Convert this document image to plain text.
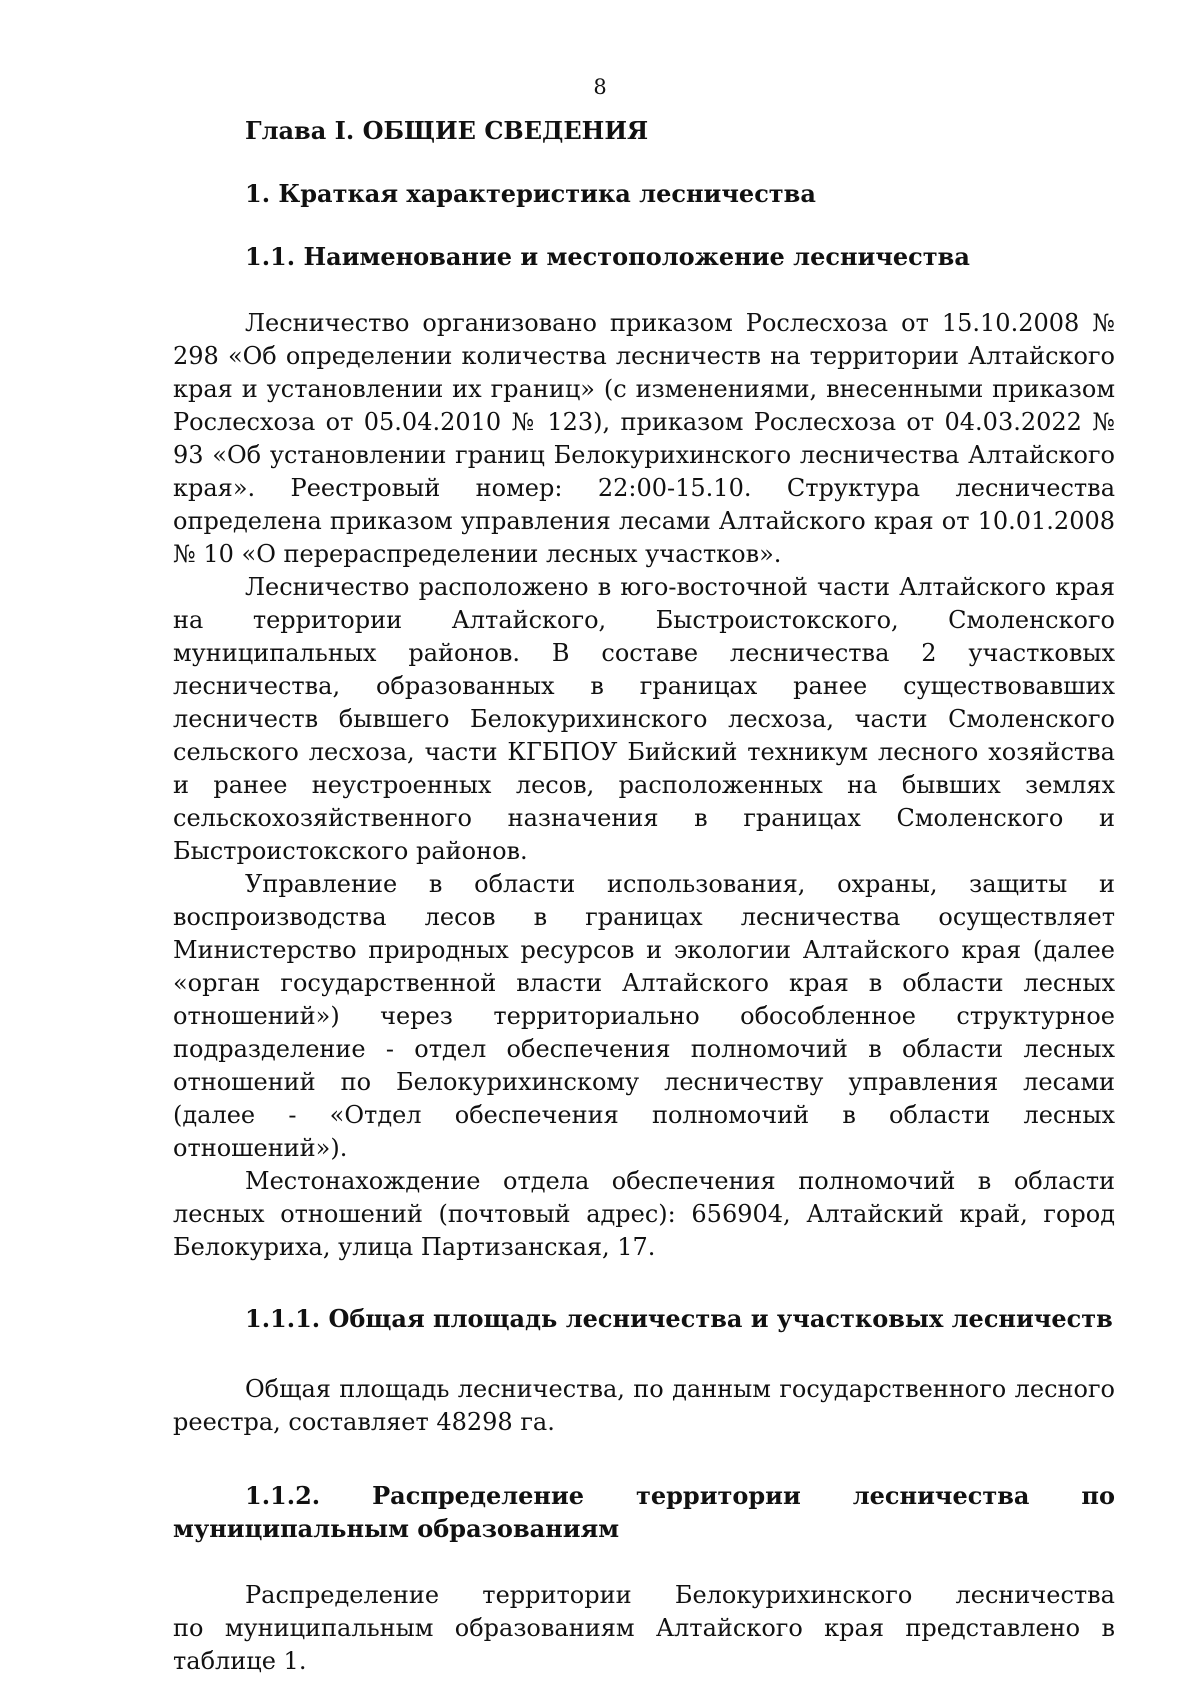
8
Глава I. ОБЩИЕ СВЕДЕНИЯ
1. Краткая характеристика лесничества
1.1. Наименование и местоположение лесничества

Лесничество организовано приказом Рослесхоза от 15.10.2008 № 298 «Об определении количества лесничеств на территории Алтайского края и установлении их границ» (с изменениями, внесенными приказом Рослесхоза от 05.04.2010 № 123), приказом Рослесхоза от 04.03.2022 № 93 «Об установлении границ Белокурихинского лесничества Алтайского края». Реестровый номер: 22:00-15.10. Структура лесничества определена приказом управления лесами Алтайского края от 10.01.2008 № 10 «О перераспределении лесных участков».

Лесничество расположено в юго-восточной части Алтайского края на территории Алтайского, Быстроистокского, Смоленского муниципальных районов. В составе лесничества 2 участковых лесничества, образованных в границах ранее существовавших лесничеств бывшего Белокурихинского лесхоза, части Смоленского сельского лесхоза, части КГБПОУ Бийский техникум лесного хозяйства и ранее неустроенных лесов, расположенных на бывших землях сельскохозяйственного назначения в границах Смоленского и Быстроистокского районов.

Управление в области использования, охраны, защиты и воспроизводства лесов в границах лесничества осуществляет Министерство природных ресурсов и экологии Алтайского края (далее «орган государственной власти Алтайского края в области лесных отношений») через территориально обособленное структурное подразделение - отдел обеспечения полномочий в области лесных отношений по Белокурихинскому лесничеству управления лесами (далее - «Отдел обеспечения полномочий в области лесных отношений»).

Местонахождение отдела обеспечения полномочий в области лесных отношений (почтовый адрес): 656904, Алтайский край, город Белокуриха, улица Партизанская, 17.

1.1.1. Общая площадь лесничества и участковых лесничеств

Общая площадь лесничества, по данным государственного лесного реестра, составляет 48298 га.

1.1.2. Распределение территории лесничества по муниципальным образованиям

Распределение территории Белокурихинского лесничества

по муниципальным образованиям Алтайского края представлено в таблице 1.
